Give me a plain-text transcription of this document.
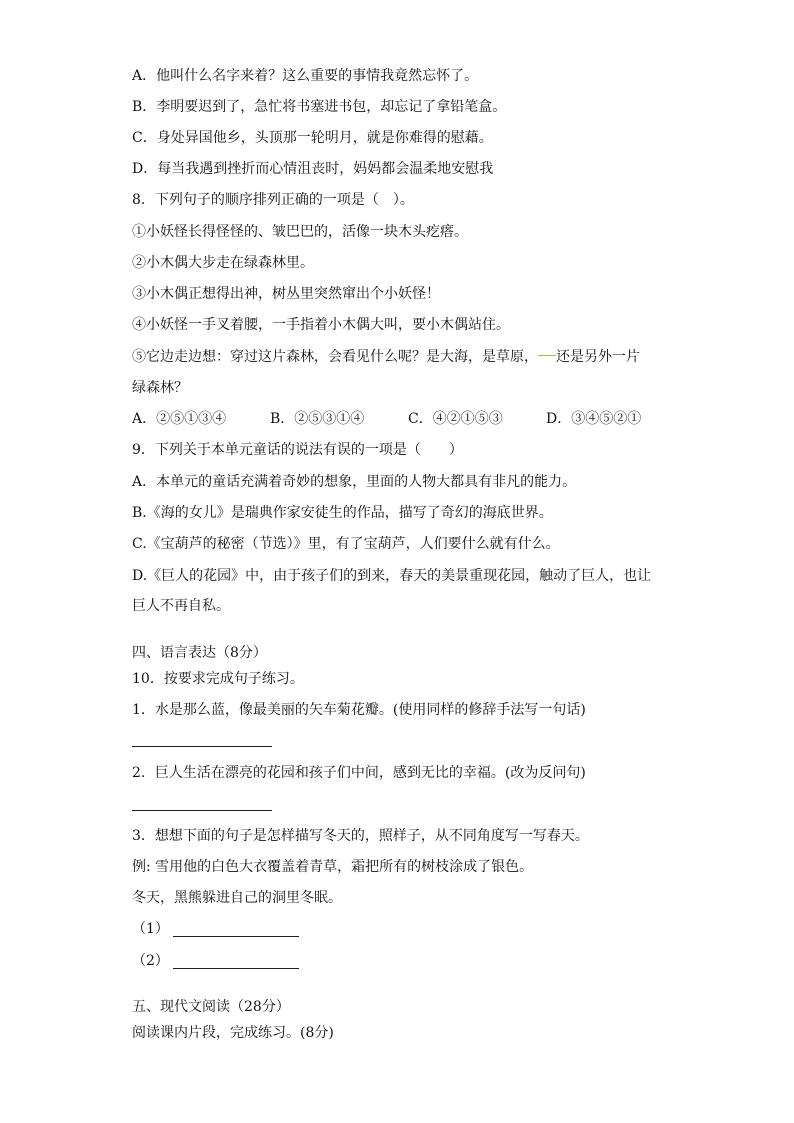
A．他叫什么名字来着？这么重要的事情我竟然忘怀了。
B．李明要迟到了，急忙将书塞进书包，却忘记了拿铅笔盒。
C．身处异国他乡，头顶那一轮明月，就是你难得的慰藉。
D．每当我遇到挫折而心情沮丧时，妈妈都会温柔地安慰我
8．下列句子的顺序排列正确的一项是（　）。
①小妖怪长得怪怪的、皱巴巴的，活像一块木头疙瘩。
②小木偶大步走在绿森林里。
③小木偶正想得出神，树丛里突然窜出个小妖怪！
④小妖怪一手叉着腰，一手指着小木偶大叫，要小木偶站住。
⑤它边走边想：穿过这片森林，会看见什么呢？是大海，是草原， 还是另外一片
绿森林？
A．②⑤①③④	B．②⑤③①④	C．④②①⑤③	D．③④⑤②①
9．下列关于本单元童话的说法有误的一项是（　　）
A．本单元的童话充满着奇妙的想象，里面的人物大都具有非凡的能力。
B.《海的女儿》是瑞典作家安徒生的作品，描写了奇幻的海底世界。
C.《宝葫芦的秘密（节选）》里，有了宝葫芦，人们要什么就有什么。
D.《巨人的花园》中，由于孩子们的到来，春天的美景重现花园，触动了巨人，也让
巨人不再自私。
四、语言表达（8分）
10．按要求完成句子练习。
1．水是那么蓝，像最美丽的矢车菊花瓣。(使用同样的修辞手法写一句话)
2．巨人生活在漂亮的花园和孩子们中间，感到无比的幸福。(改为反问句)
3．想想下面的句子是怎样描写冬天的，照样子，从不同角度写一写春天。
例: 雪用他的白色大衣覆盖着青草，霜把所有的树枝涂成了银色。
冬天，黑熊躲进自己的洞里冬眠。
（1）
（2）
五、现代文阅读（28分）
阅读课内片段，完成练习。(8分)
